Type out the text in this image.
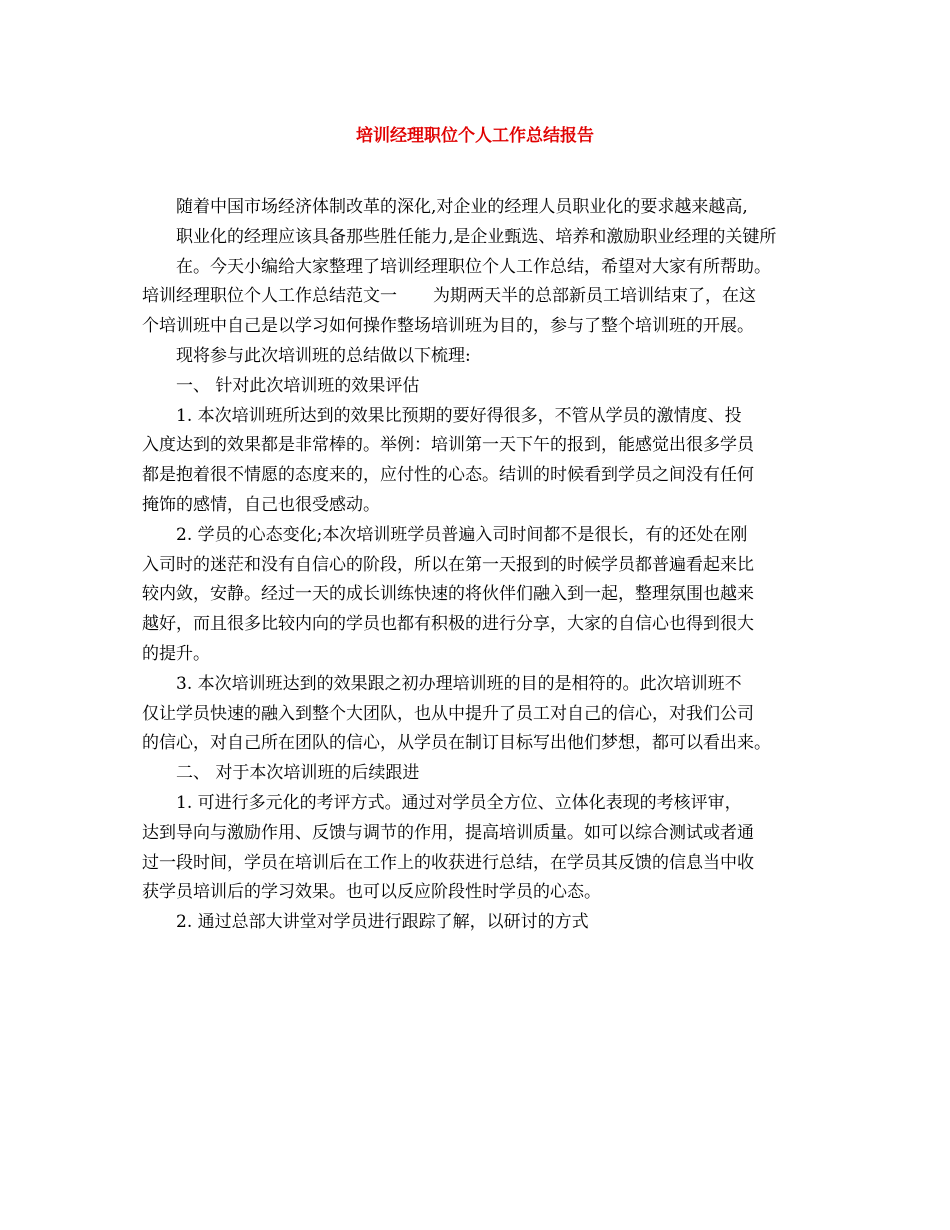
培训经理职位个人工作总结报告

随着中国市场经济体制改革的深化,对企业的经理人员职业化的要求越来越高,
职业化的经理应该具备那些胜任能力,是企业甄选、培养和激励职业经理的关键所
在。今天小编给大家整理了培训经理职位个人工作总结，希望对大家有所帮助。

培训经理职位个人工作总结范文一 为期两天半的总部新员工培训结束了，在这
个培训班中自己是以学习如何操作整场培训班为目的，参与了整个培训班的开展。

现将参与此次培训班的总结做以下梳理:

一、 针对此次培训班的效果评估

1. 本次培训班所达到的效果比预期的要好得很多，不管从学员的激情度、投

入度达到的效果都是非常棒的。举例：培训第一天下午的报到，能感觉出很多学员
都是抱着很不情愿的态度来的，应付性的心态。结训的时候看到学员之间没有任何
掩饰的感情，自己也很受感动。

2. 学员的心态变化;本次培训班学员普遍入司时间都不是很长，有的还处在刚

入司时的迷茫和没有自信心的阶段，所以在第一天报到的时候学员都普遍看起来比
较内敛，安静。经过一天的成长训练快速的将伙伴们融入到一起，整理氛围也越来
越好，而且很多比较内向的学员也都有积极的进行分享，大家的自信心也得到很大
的提升。

3. 本次培训班达到的效果跟之初办理培训班的目的是相符的。此次培训班不

仅让学员快速的融入到整个大团队，也从中提升了员工对自己的信心，对我们公司
的信心，对自己所在团队的信心，从学员在制订目标写出他们梦想，都可以看出来。

二、 对于本次培训班的后续跟进

1. 可进行多元化的考评方式。通过对学员全方位、立体化表现的考核评审，

达到导向与激励作用、反馈与调节的作用，提高培训质量。如可以综合测试或者通
过一段时间，学员在培训后在工作上的收获进行总结，在学员其反馈的信息当中收
获学员培训后的学习效果。也可以反应阶段性时学员的心态。

2. 通过总部大讲堂对学员进行跟踪了解，以研讨的方式
